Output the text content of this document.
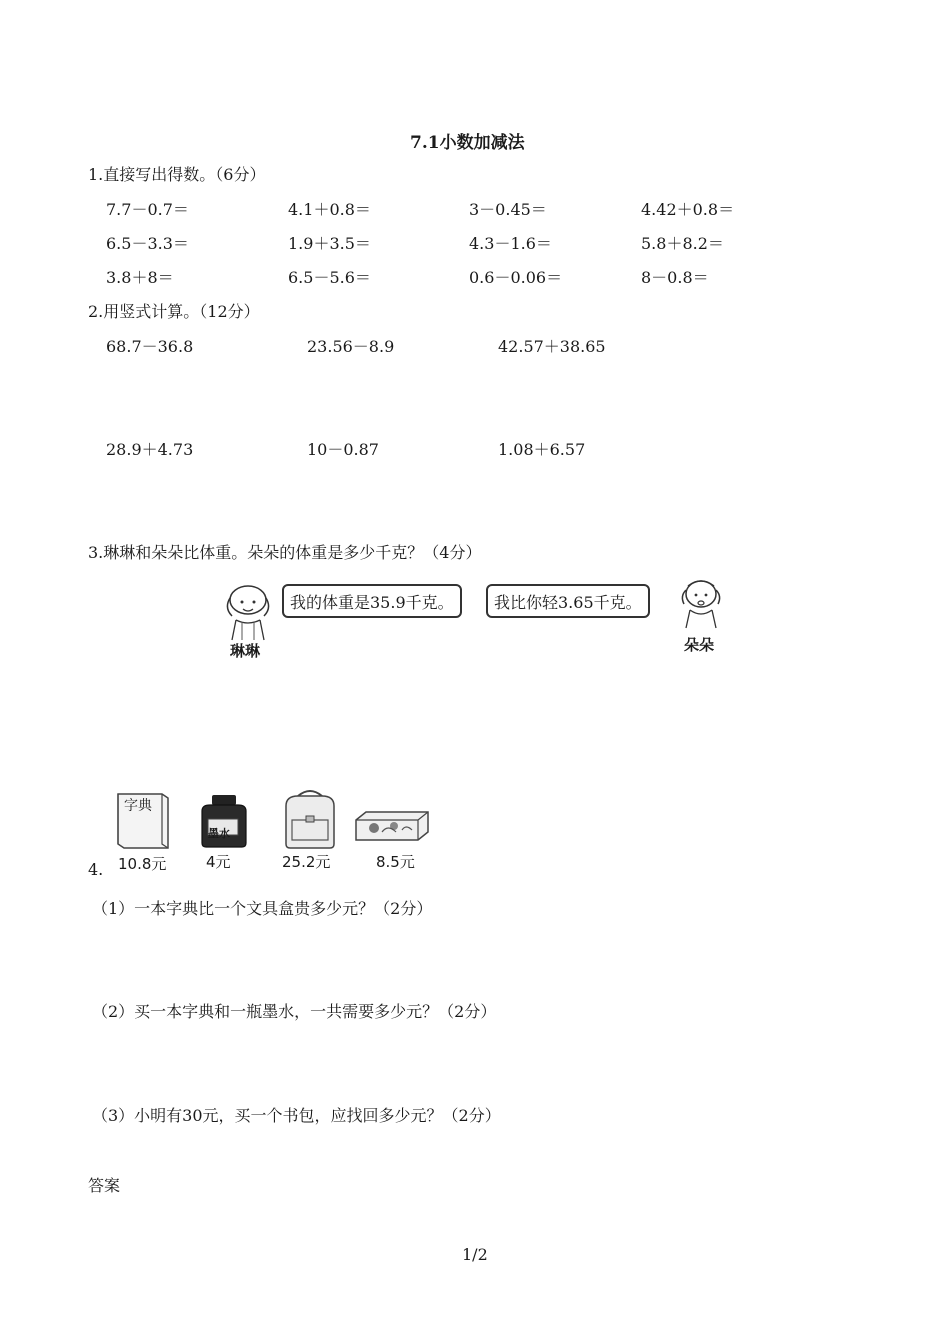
7.1小数加减法
1.直接写出得数。（6分）
7.7－0.7＝	4.1＋0.8＝	3－0.45＝	4.42＋0.8＝
6.5－3.3＝	1.9＋3.5＝	4.3－1.6＝	5.8＋8.2＝
3.8＋8＝	6.5－5.6＝	0.6－0.06＝	8－0.8＝
2.用竖式计算。（12分）
68.7－36.8	23.56－8.9	42.57＋38.65
28.9＋4.73	10－0.87	1.08＋6.57
3.琳琳和朵朵比体重。朵朵的体重是多少千克？（4分）
琳琳
我的体重是35.9千克。	我比你轻3.65千克。
朵朵
字典
墨水
10.8元	4元	25.2元	8.5元
4.
（1）一本字典比一个文具盒贵多少元？（2分）
（2）买一本字典和一瓶墨水，一共需要多少元？（2分）
（3）小明有30元，买一个书包，应找回多少元？（2分）
答案
1/2
